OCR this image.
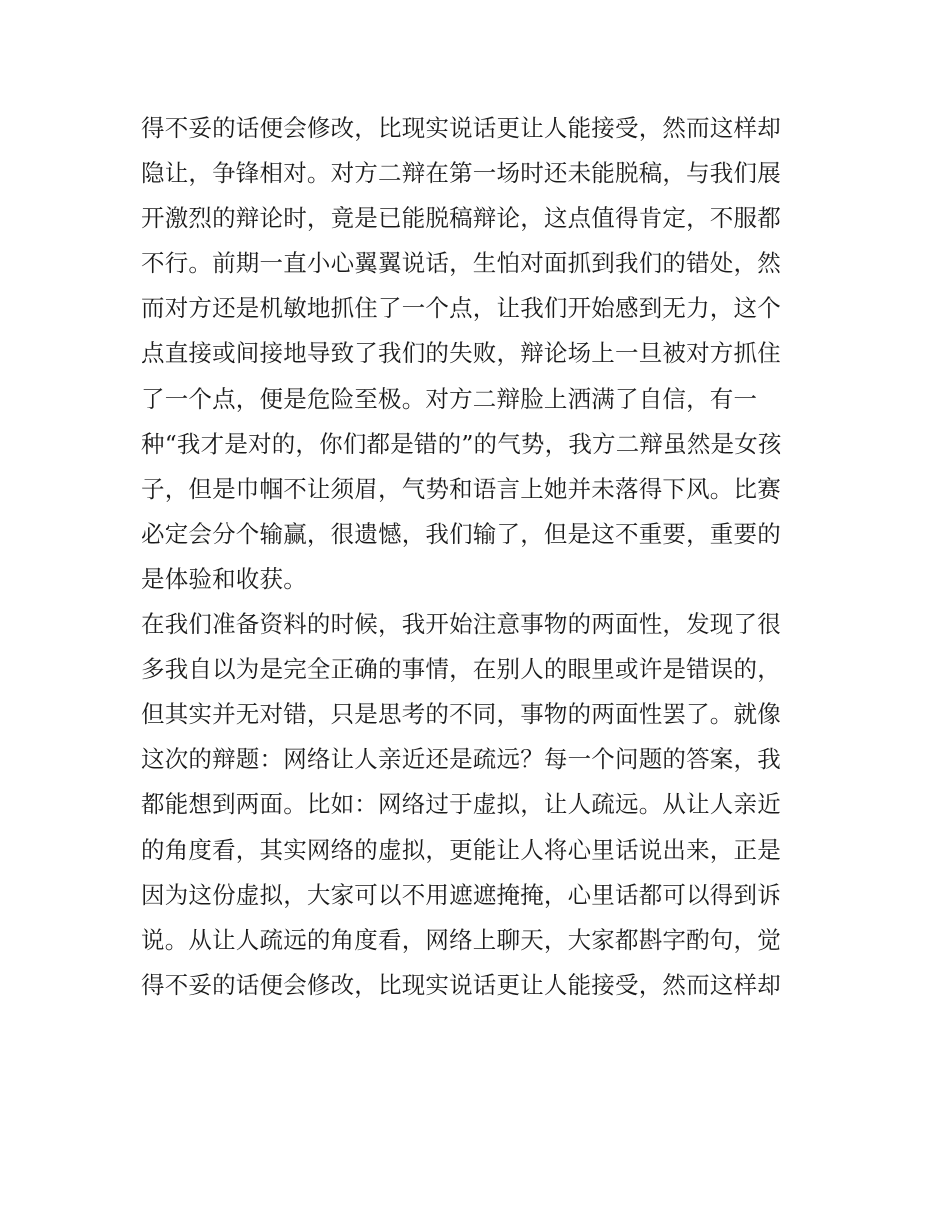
得不妥的话便会修改，比现实说话更让人能接受，然而这样却
隐让，争锋相对。对方二辩在第一场时还未能脱稿，与我们展
开激烈的辩论时，竟是已能脱稿辩论，这点值得肯定，不服都
不行。前期一直小心翼翼说话，生怕对面抓到我们的错处，然
而对方还是机敏地抓住了一个点，让我们开始感到无力，这个
点直接或间接地导致了我们的失败，辩论场上一旦被对方抓住
了一个点，便是危险至极。对方二辩脸上洒满了自信，有一
种“我才是对的，你们都是错的”的气势，我方二辩虽然是女孩
子，但是巾帼不让须眉，气势和语言上她并未落得下风。比赛
必定会分个输赢，很遗憾，我们输了，但是这不重要，重要的
是体验和收获。
在我们准备资料的时候，我开始注意事物的两面性，发现了很
多我自以为是完全正确的事情，在别人的眼里或许是错误的，
但其实并无对错，只是思考的不同，事物的两面性罢了。就像
这次的辩题：网络让人亲近还是疏远？每一个问题的答案，我
都能想到两面。比如：网络过于虚拟，让人疏远。从让人亲近
的角度看，其实网络的虚拟，更能让人将心里话说出来，正是
因为这份虚拟，大家可以不用遮遮掩掩，心里话都可以得到诉
说。从让人疏远的角度看，网络上聊天，大家都斟字酌句，觉
得不妥的话便会修改，比现实说话更让人能接受，然而这样却
